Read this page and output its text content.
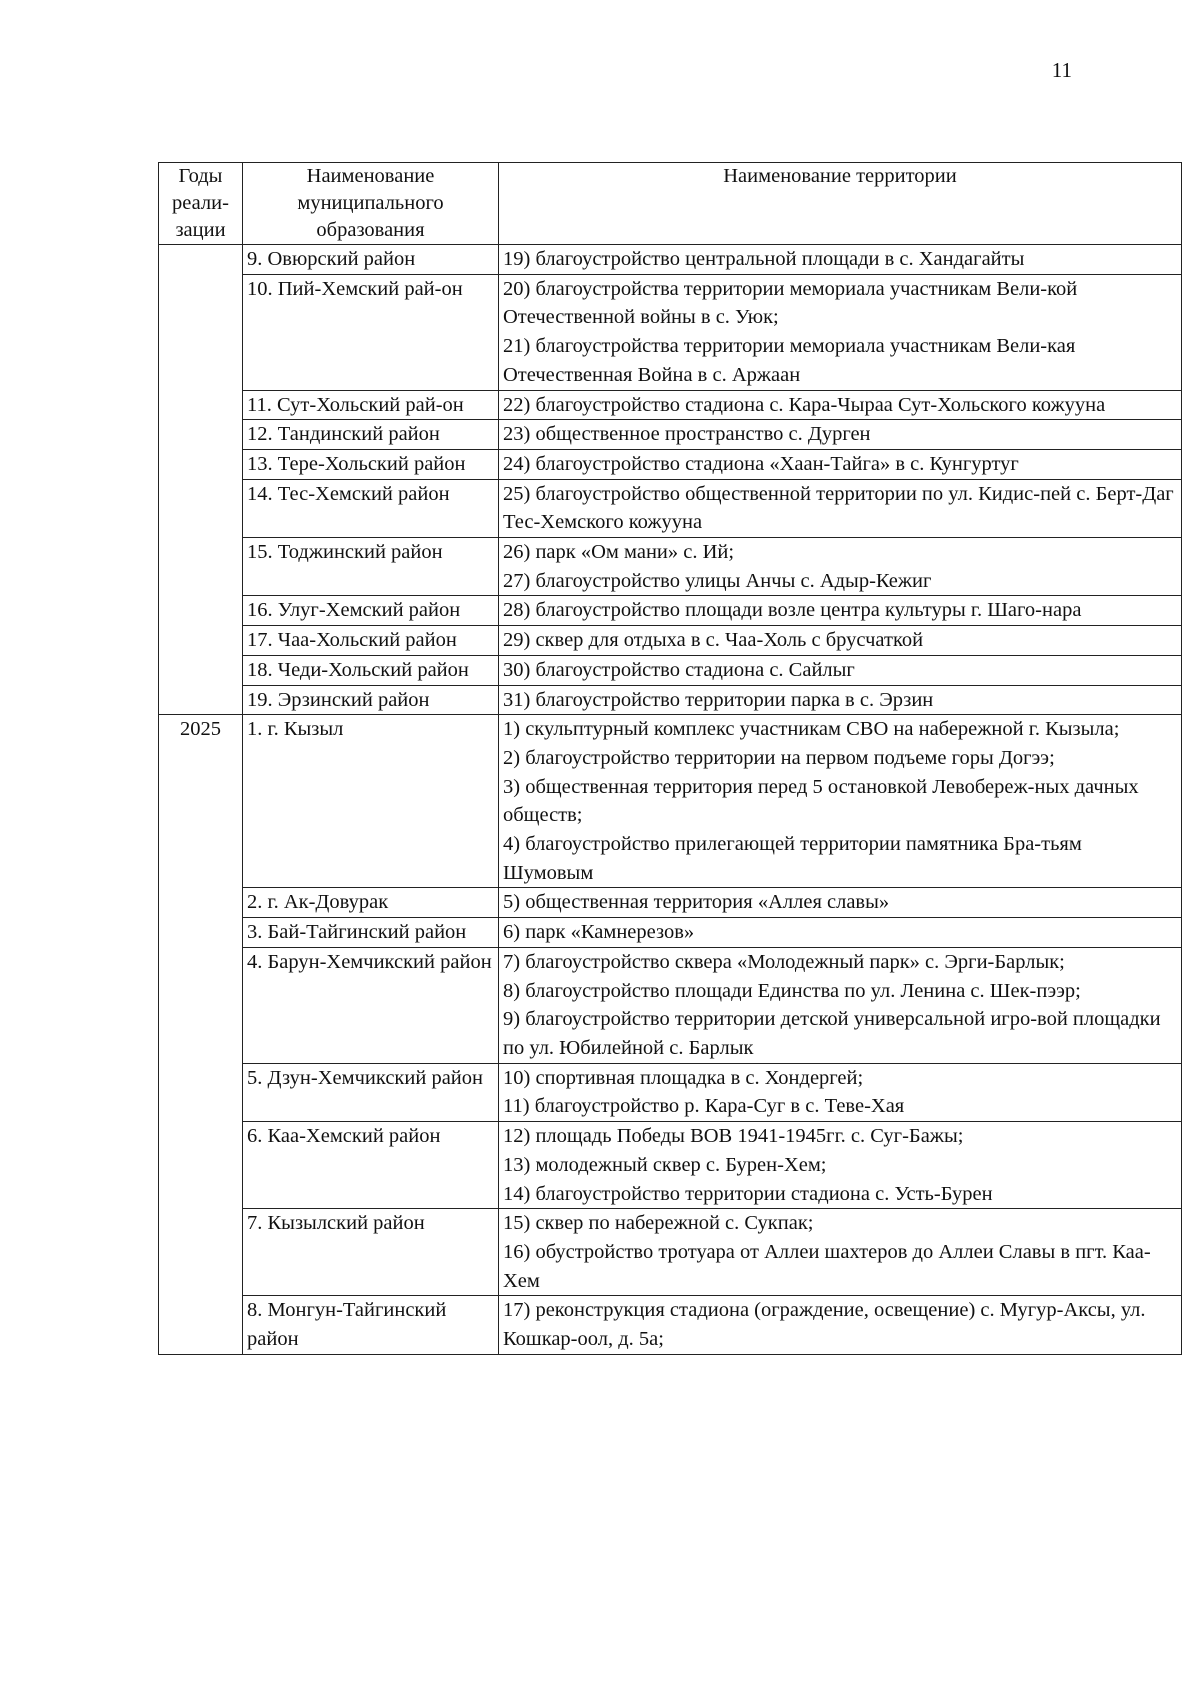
11
Годы реали-зации	Наименование муниципального образования	Наименование территории
	9. Овюрский район	19) благоустройство центральной площади в с. Хандагайты

	10. Пий-Хемский рай-он	20) благоустройства территории мемориала участникам Вели-кой Отечественной войны в с. Уюк;
21) благоустройства территории мемориала участникам Вели-кая Отечественная Война в с. Аржаан

	11. Сут-Хольский рай-он	22) благоустройство стадиона с. Кара-Чыраа Сут-Хольского кожууна

	12. Тандинский район	23) общественное пространство с. Дурген

	13. Тере-Хольский район	24) благоустройство стадиона «Хаан-Тайга» в с. Кунгуртуг

	14. Тес-Хемский район	25) благоустройство общественной территории по ул. Кидис-пей с. Берт-Даг Тес-Хемского кожууна

	15. Тоджинский район	26) парк «Ом мани» с. Ий;
27) благоустройство улицы Анчы с. Адыр-Кежиг

	16. Улуг-Хемский район	28) благоустройство площади возле центра культуры г. Шаго-нара

	17. Чаа-Хольский район	29) сквер для отдыха в с. Чаа-Холь с брусчаткой

	18. Чеди-Хольский район	30) благоустройство стадиона с. Сайлыг

	19. Эрзинский район	31) благоустройство территории парка в с. Эрзин

2025	1. г. Кызыл	1) скульптурный комплекс участникам СВО на набережной г. Кызыла;
2) благоустройство территории на первом подъеме горы Догээ;
3) общественная территория перед 5 остановкой Левобереж-ных дачных обществ;
4) благоустройство прилегающей территории памятника Бра-тьям Шумовым

	2. г. Ак-Довурак	5) общественная территория «Аллея славы»

	3. Бай-Тайгинский район	6) парк «Камнерезов»

	4. Барун-Хемчикский район	7) благоустройство сквера «Молодежный парк» с. Эрги-Барлык;
8) благоустройство площади Единства по ул. Ленина с. Шек-пээр;
9) благоустройство территории детской универсальной игро-вой площадки по ул. Юбилейной с. Барлык

	5. Дзун-Хемчикский район	10) спортивная площадка в с. Хондергей;
11) благоустройство р. Кара-Суг в с. Теве-Хая

	6. Каа-Хемский район	12) площадь Победы ВОВ 1941-1945гг. с. Суг-Бажы;
13) молодежный сквер с. Бурен-Хем;
14) благоустройство территории стадиона с. Усть-Бурен

	7. Кызылский район	15) сквер по набережной с. Сукпак;
16) обустройство тротуара от Аллеи шахтеров до Аллеи Славы в пгт. Каа-Хем

	8. Монгун-Тайгинский район	17) реконструкция стадиона (ограждение, освещение) с. Мугур-Аксы, ул. Кошкар-оол, д. 5а;
